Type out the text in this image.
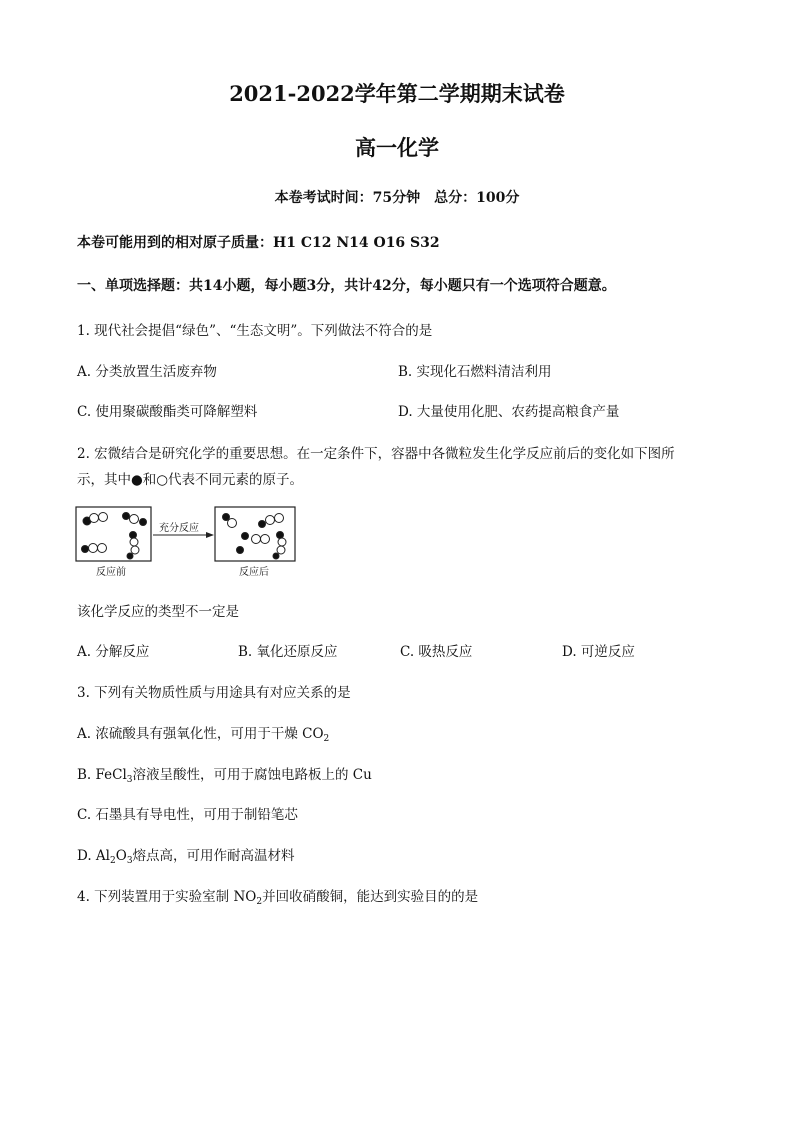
2021-2022学年第二学期期末试卷
高一化学
本卷考试时间：75分钟　总分：100分
本卷可能用到的相对原子质量：H1 C12 N14 O16 S32
一、单项选择题：共14小题，每小题3分，共计42分，每小题只有一个选项符合题意。
1. 现代社会提倡“绿色”、“生态文明”。下列做法不符合的是
A. 分类放置生活废弃物	B. 实现化石燃料清洁利用
C. 使用聚碳酸酯类可降解塑料	D. 大量使用化肥、农药提高粮食产量
2. 宏微结合是研究化学的重要思想。在一定条件下，容器中各微粒发生化学反应前后的变化如下图所
示，其中●和○代表不同元素的原子。
充分反应
反应前	反应后
该化学反应的类型不一定是
A. 分解反应	B. 氧化还原反应	C. 吸热反应	D. 可逆反应
3. 下列有关物质性质与用途具有对应关系的是
A. 浓硫酸具有强氧化性，可用于干燥 $CO_2$
B. FeCl$_3$溶液呈酸性，可用于腐蚀电路板上的 Cu
C. 石墨具有导电性，可用于制铅笔芯
D. $Al_2O_3$熔点高，可用作耐高温材料
4. 下列装置用于实验室制 $NO_2$并回收硝酸铜，能达到实验目的的是
